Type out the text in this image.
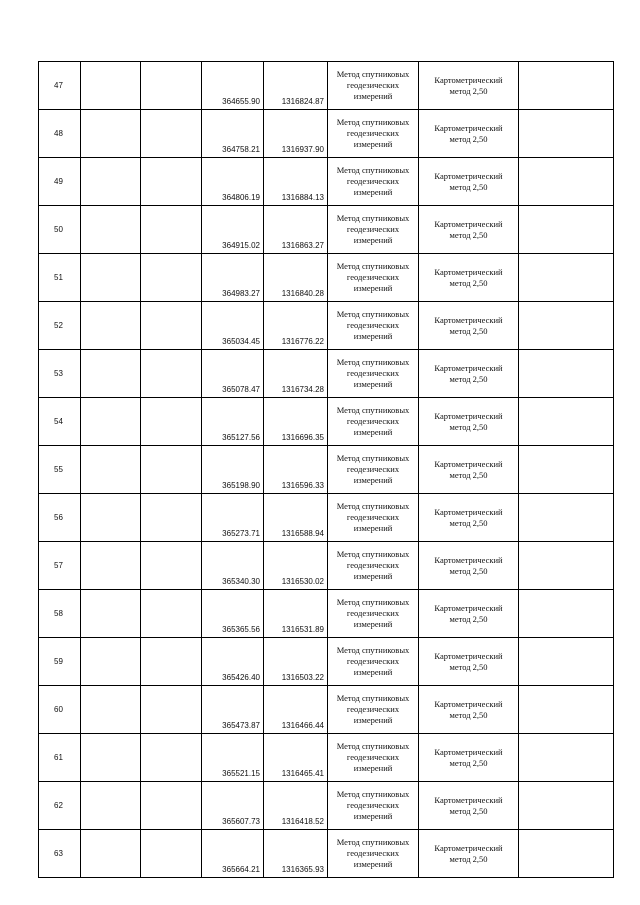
47			364655.90	1316824.87	Метод спутниковых
геодезических
измерений	Картометрический
метод 2,50	

48			364758.21	1316937.90	Метод спутниковых
геодезических
измерений	Картометрический
метод 2,50	

49			364806.19	1316884.13	Метод спутниковых
геодезических
измерений	Картометрический
метод 2,50	

50			364915.02	1316863.27	Метод спутниковых
геодезических
измерений	Картометрический
метод 2,50	

51			364983.27	1316840.28	Метод спутниковых
геодезических
измерений	Картометрический
метод 2,50	

52			365034.45	1316776.22	Метод спутниковых
геодезических
измерений	Картометрический
метод 2,50	

53			365078.47	1316734.28	Метод спутниковых
геодезических
измерений	Картометрический
метод 2,50	

54			365127.56	1316696.35	Метод спутниковых
геодезических
измерений	Картометрический
метод 2,50	

55			365198.90	1316596.33	Метод спутниковых
геодезических
измерений	Картометрический
метод 2,50	

56			365273.71	1316588.94	Метод спутниковых
геодезических
измерений	Картометрический
метод 2,50	

57			365340.30	1316530.02	Метод спутниковых
геодезических
измерений	Картометрический
метод 2,50	

58			365365.56	1316531.89	Метод спутниковых
геодезических
измерений	Картометрический
метод 2,50	

59			365426.40	1316503.22	Метод спутниковых
геодезических
измерений	Картометрический
метод 2,50	

60			365473.87	1316466.44	Метод спутниковых
геодезических
измерений	Картометрический
метод 2,50	

61			365521.15	1316465.41	Метод спутниковых
геодезических
измерений	Картометрический
метод 2,50	

62			365607.73	1316418.52	Метод спутниковых
геодезических
измерений	Картометрический
метод 2,50	

63			365664.21	1316365.93	Метод спутниковых
геодезических
измерений	Картометрический
метод 2,50	
